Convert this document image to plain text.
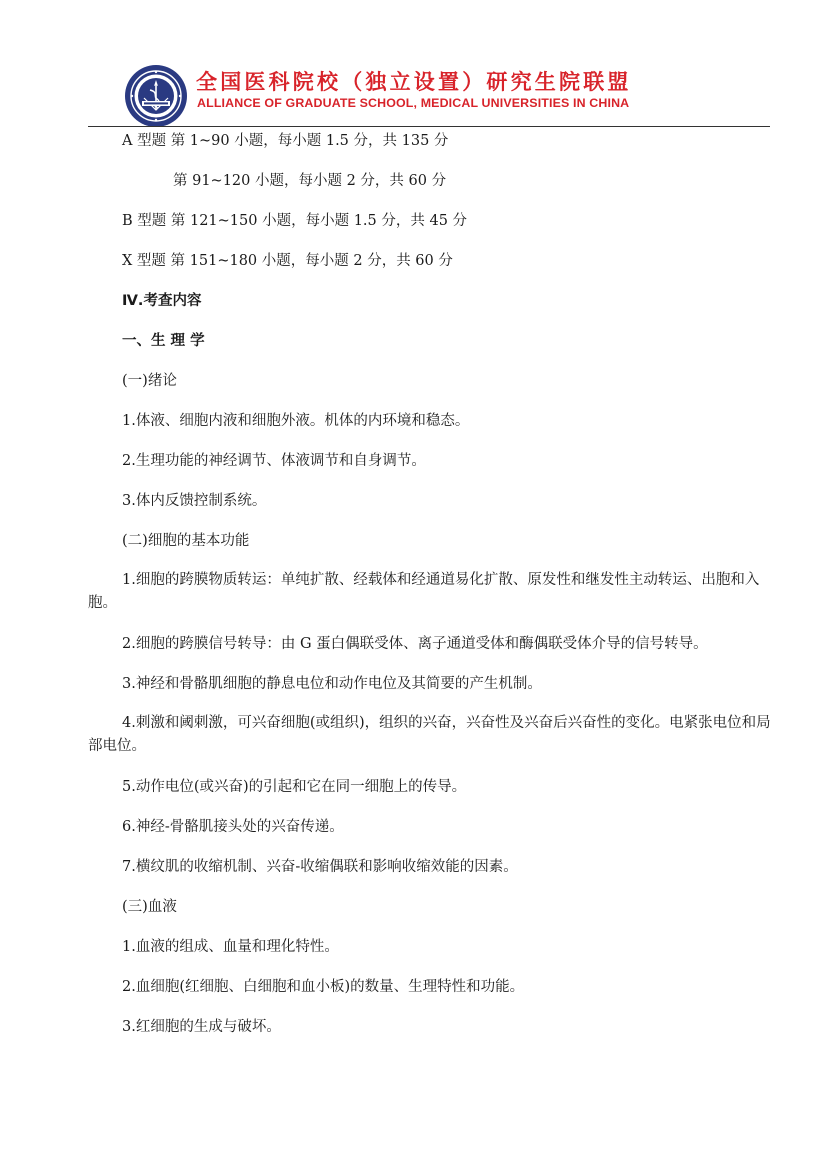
全国医科院校（独立设置）研究生院联盟
ALLIANCE OF GRADUATE SCHOOL, MEDICAL UNIVERSITIES IN CHINA
A 型题 第 1~90 小题，每小题 1.5 分，共 135 分
第 91~120 小题，每小题 2 分，共 60 分
B 型题 第 121~150 小题，每小题 1.5 分，共 45 分
X 型题 第 151~180 小题，每小题 2 分，共 60 分
Ⅳ.考查内容
一、生 理 学
(一)绪论
1.体液、细胞内液和细胞外液。机体的内环境和稳态。
2.生理功能的神经调节、体液调节和自身调节。
3.体内反馈控制系统。
(二)细胞的基本功能
1.细胞的跨膜物质转运：单纯扩散、经载体和经通道易化扩散、原发性和继发性主动转运、出胞和入胞。
2.细胞的跨膜信号转导：由 G 蛋白偶联受体、离子通道受体和酶偶联受体介导的信号转导。
3.神经和骨骼肌细胞的静息电位和动作电位及其简要的产生机制。
4.刺激和阈刺激，可兴奋细胞(或组织)，组织的兴奋，兴奋性及兴奋后兴奋性的变化。电紧张电位和局部电位。
5.动作电位(或兴奋)的引起和它在同一细胞上的传导。
6.神经-骨骼肌接头处的兴奋传递。
7.横纹肌的收缩机制、兴奋-收缩偶联和影响收缩效能的因素。
(三)血液
1.血液的组成、血量和理化特性。
2.血细胞(红细胞、白细胞和血小板)的数量、生理特性和功能。
3.红细胞的生成与破坏。
